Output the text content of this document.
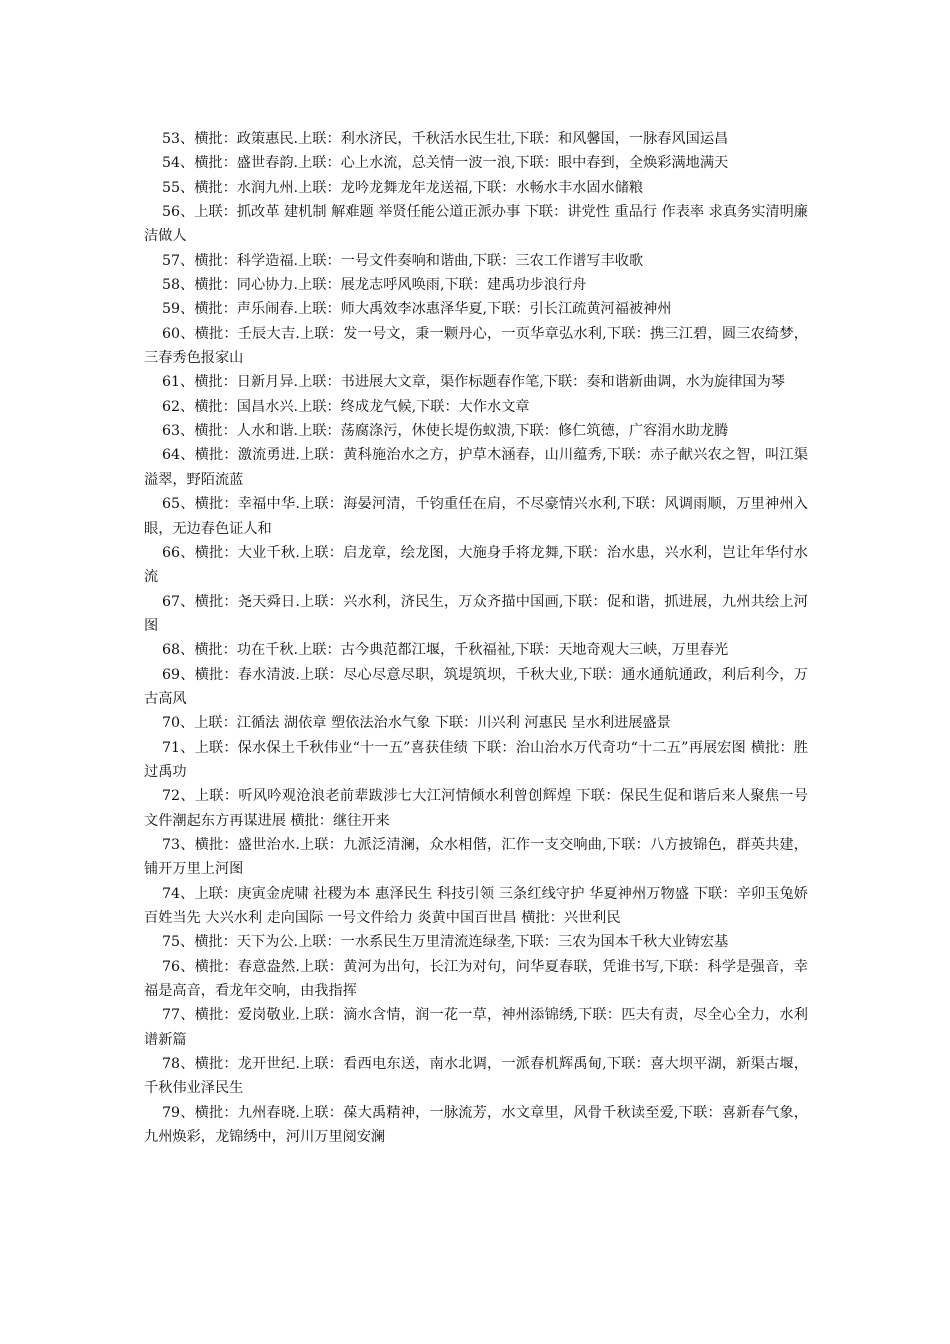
53、横批：政策惠民.上联：利水济民，千秋活水民生壮,下联：和风馨国，一脉春风国运昌

54、横批：盛世春韵.上联：心上水流，总关情一波一浪,下联：眼中春到，全焕彩满地满天

55、横批：水润九州.上联：龙吟龙舞龙年龙送福,下联：水畅水丰水固水储粮

56、上联：抓改革 建机制 解难题 举贤任能公道正派办事 下联：讲党性 重品行 作表率 求真务实清明廉洁做人

57、横批：科学造福.上联：一号文件奏响和谐曲,下联：三农工作谱写丰收歌

58、横批：同心协力.上联：展龙志呼风唤雨,下联：建禹功步浪行舟

59、横批：声乐闹春.上联：师大禹效李冰惠泽华夏,下联：引长江疏黄河福被神州

60、横批：壬辰大吉.上联：发一号文，秉一颗丹心，一页华章弘水利,下联：携三江碧，圆三农绮梦，三春秀色报家山

61、横批：日新月异.上联：书进展大文章，渠作标题春作笔,下联：奏和谐新曲调，水为旋律国为琴

62、横批：国昌水兴.上联：终成龙气候,下联：大作水文章

63、横批：人水和谐.上联：荡腐涤污，休使长堤伤蚁溃,下联：修仁筑德，广容涓水助龙腾

64、横批：激流勇进.上联：黄科施治水之方，护草木涵春，山川蕴秀,下联：赤子献兴农之智，叫江渠溢翠，野陌流蓝

65、横批：幸福中华.上联：海晏河清，千钧重任在肩，不尽豪情兴水利,下联：风调雨顺，万里神州入眼，无边春色证人和

66、横批：大业千秋.上联：启龙章，绘龙图，大施身手将龙舞,下联：治水患，兴水利，岂让年华付水流

67、横批：尧天舜日.上联：兴水利，济民生，万众齐描中国画,下联：促和谐，抓进展，九州共绘上河图

68、横批：功在千秋.上联：古今典范都江堰，千秋福祉,下联：天地奇观大三峡，万里春光

69、横批：春水清波.上联：尽心尽意尽职，筑堤筑坝，千秋大业,下联：通水通航通政，利后利今，万古高风

70、上联：江循法 湖依章 塑依法治水气象 下联：川兴利 河惠民 呈水利进展盛景

71、上联：保水保土千秋伟业“十一五”喜获佳绩 下联：治山治水万代奇功“十二五”再展宏图 横批：胜过禹功

72、上联：听风吟观沧浪老前辈跋涉七大江河情倾水利曾创辉煌 下联：保民生促和谐后来人聚焦一号文件潮起东方再谋进展 横批：继往开来

73、横批：盛世治水.上联：九派泛清澜，众水相偕，汇作一支交响曲,下联：八方披锦色，群英共建，铺开万里上河图

74、上联：庚寅金虎啸 社稷为本 惠泽民生 科技引领 三条红线守护 华夏神州万物盛 下联：辛卯玉兔娇 百姓当先 大兴水利 走向国际 一号文件给力 炎黄中国百世昌 横批：兴世利民

75、横批：天下为公.上联：一水系民生万里清流连绿垄,下联：三农为国本千秋大业铸宏基

76、横批：春意盎然.上联：黄河为出句，长江为对句，问华夏春联，凭谁书写,下联：科学是强音，幸福是高音，看龙年交响，由我指挥

77、横批：爱岗敬业.上联：滴水含情，润一花一草，神州添锦绣,下联：匹夫有责，尽全心全力，水利谱新篇

78、横批：龙开世纪.上联：看西电东送，南水北调，一派春机辉禹甸,下联：喜大坝平湖，新渠古堰，千秋伟业泽民生

79、横批：九州春晓.上联：葆大禹精神，一脉流芳，水文章里，风骨千秋读至爱,下联：喜新春气象，九州焕彩，龙锦绣中，河川万里阅安澜
